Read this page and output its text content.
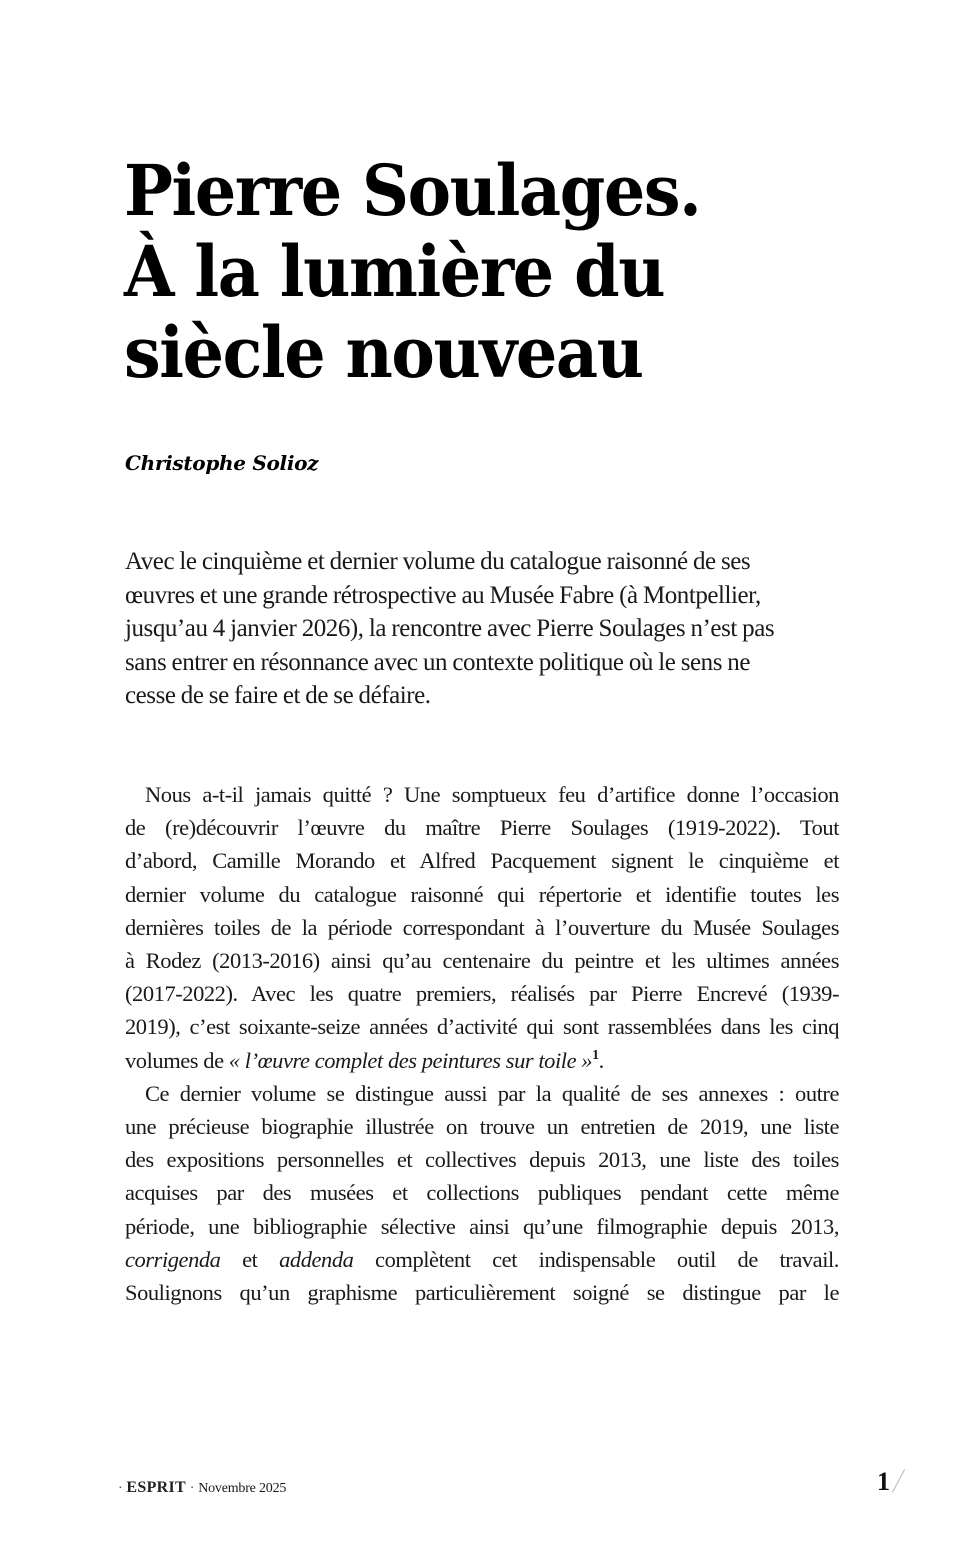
Pierre Soulages.
À la lumière du
siècle nouveau

Christophe Solioz

Avec le cinquième et dernier volume du catalogue raisonné de ses
œuvres et une grande rétrospective au Musée Fabre (à Montpellier,
jusqu’au 4 janvier 2026), la rencontre avec Pierre Soulages n’est pas
sans entrer en résonnance avec un contexte politique où le sens ne
cesse de se faire et de se défaire.

Nous a-t-il jamais quitté ? Une somptueux feu d’artifice donne l’occasion
de (re)découvrir l’œuvre du maître Pierre Soulages (1919-2022). Tout
d’abord, Camille Morando et Alfred Pacquement signent le cinquième et
dernier volume du catalogue raisonné qui répertorie et identifie toutes les
dernières toiles de la période correspondant à l’ouverture du Musée Soulages
à Rodez (2013-2016) ainsi qu’au centenaire du peintre et les ultimes années
(2017-2022). Avec les quatre premiers, réalisés par Pierre Encrevé (1939-
2019), c’est soixante-seize années d’activité qui sont rassemblées dans les cinq
volumes de « l’œuvre complet des peintures sur toile »$^1$.

Ce dernier volume se distingue aussi par la qualité de ses annexes : outre
une précieuse biographie illustrée on trouve un entretien de 2019, une liste
des expositions personnelles et collectives depuis 2013, une liste des toiles
acquises par des musées et collections publiques pendant cette même
période, une bibliographie sélective ainsi qu’une filmographie depuis 2013,
corrigenda et addenda complètent cet indispensable outil de travail.
Soulignons qu’un graphisme particulièrement soigné se distingue par le

· ESPRIT · Novembre 2025	1
